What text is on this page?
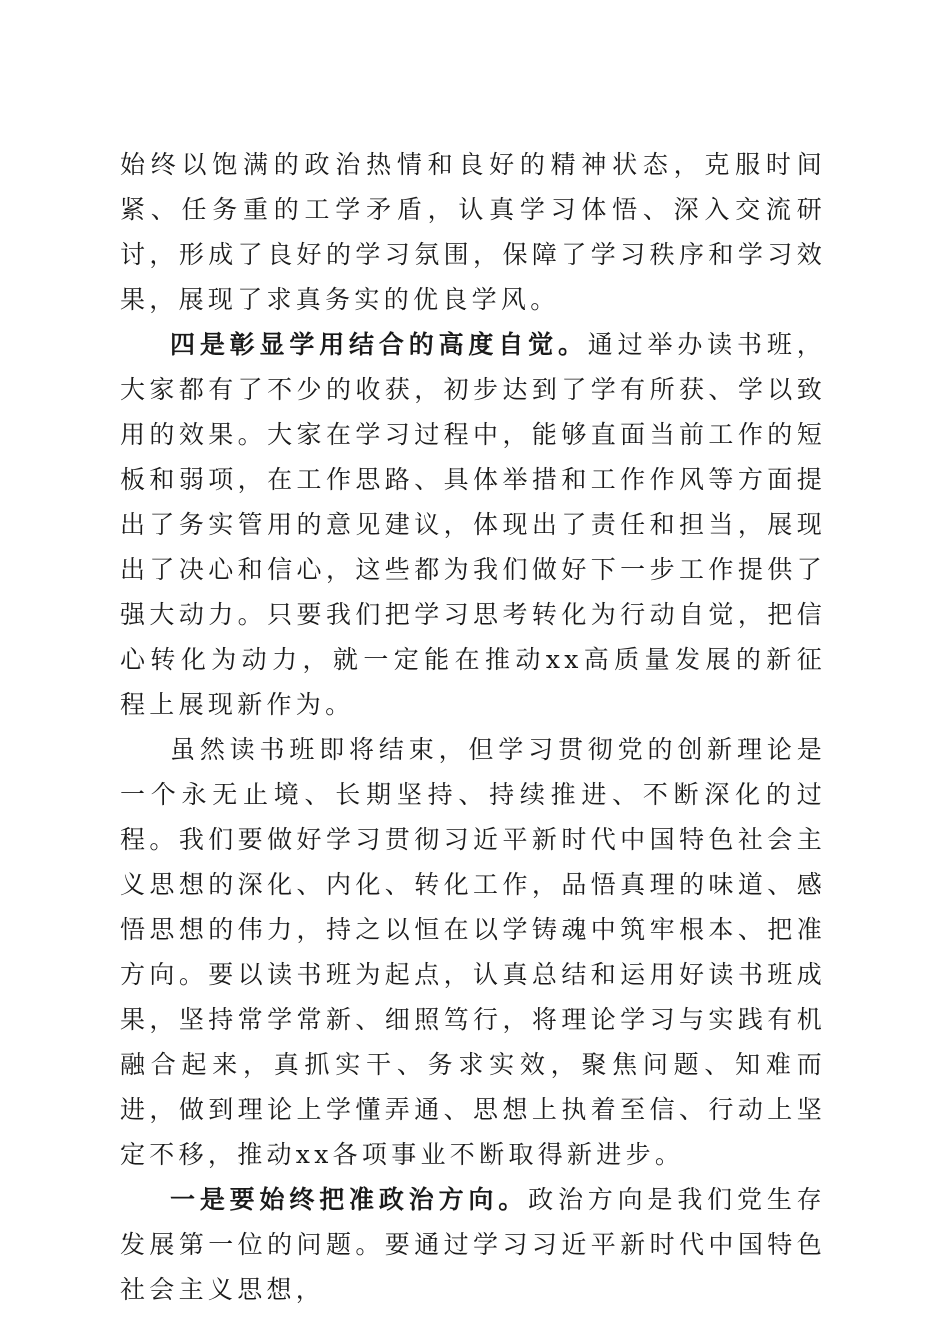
始终以饱满的政治热情和良好的精神状态，克服时间紧、任务重的工学矛盾，认真学习体悟、深入交流研讨，形成了良好的学习氛围，保障了学习秩序和学习效果，展现了求真务实的优良学风。

四是彰显学用结合的高度自觉。通过举办读书班，大家都有了不少的收获，初步达到了学有所获、学以致用的效果。大家在学习过程中，能够直面当前工作的短板和弱项，在工作思路、具体举措和工作作风等方面提出了务实管用的意见建议，体现出了责任和担当，展现出了决心和信心，这些都为我们做好下一步工作提供了强大动力。只要我们把学习思考转化为行动自觉，把信心转化为动力，就一定能在推动xx高质量发展的新征程上展现新作为。

虽然读书班即将结束，但学习贯彻党的创新理论是一个永无止境、长期坚持、持续推进、不断深化的过程。我们要做好学习贯彻习近平新时代中国特色社会主义思想的深化、内化、转化工作，品悟真理的味道、感悟思想的伟力，持之以恒在以学铸魂中筑牢根本、把准方向。要以读书班为起点，认真总结和运用好读书班成果，坚持常学常新、细照笃行，将理论学习与实践有机融合起来，真抓实干、务求实效，聚焦问题、知难而进，做到理论上学懂弄通、思想上执着至信、行动上坚定不移，推动xx各项事业不断取得新进步。

一是要始终把准政治方向。政治方向是我们党生存发展第一位的问题。要通过学习习近平新时代中国特色社会主义思想，
